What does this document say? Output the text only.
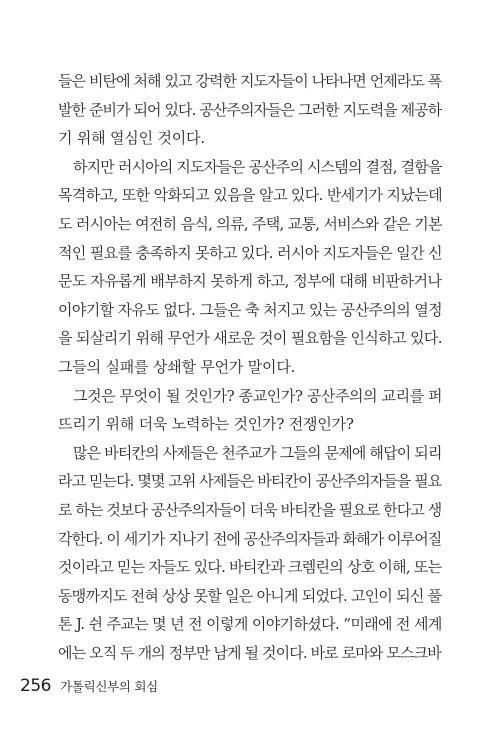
들은 비탄에 처해 있고 강력한 지도자들이 나타나면 언제라도 폭
발한 준비가 되어 있다. 공산주의자들은 그러한 지도력을 제공하
기 위해 열심인 것이다.
하지만 러시아의 지도자들은 공산주의 시스템의 결점, 결함을
목격하고, 또한 악화되고 있음을 알고 있다. 반세기가 지났는데
도 러시아는 여전히 음식, 의류, 주택, 교통, 서비스와 같은 기본
적인 필요를 충족하지 못하고 있다. 러시아 지도자들은 일간 신
문도 자유롭게 배부하지 못하게 하고, 정부에 대해 비판하거나
이야기할 자유도 없다. 그들은 축 처지고 있는 공산주의의 열정
을 되살리기 위해 무언가 새로운 것이 필요함을 인식하고 있다.
그들의 실패를 상쇄할 무언가 말이다.
그것은 무엇이 될 것인가? 종교인가? 공산주의의 교리를 퍼
뜨리기 위해 더욱 노력하는 것인가? 전쟁인가?
많은 바티칸의 사제들은 천주교가 그들의 문제에 해답이 되리
라고 믿는다. 몇몇 고위 사제들은 바티칸이 공산주의자들을 필요
로 하는 것보다 공산주의자들이 더욱 바티칸을 필요로 한다고 생
각한다. 이 세기가 지나기 전에 공산주의자들과 화해가 이루어질
것이라고 믿는 자들도 있다. 바티칸과 크렘린의 상호 이해, 또는
동맹까지도 전혀 상상 못할 일은 아니게 되었다. 고인이 되신 풀
톤 J. 쉰 주교는 몇 년 전 이렇게 이야기하셨다. “미래에 전 세계
에는 오직 두 개의 정부만 남게 될 것이다. 바로 로마와 모스크바
256 가톨릭신부의 회심
